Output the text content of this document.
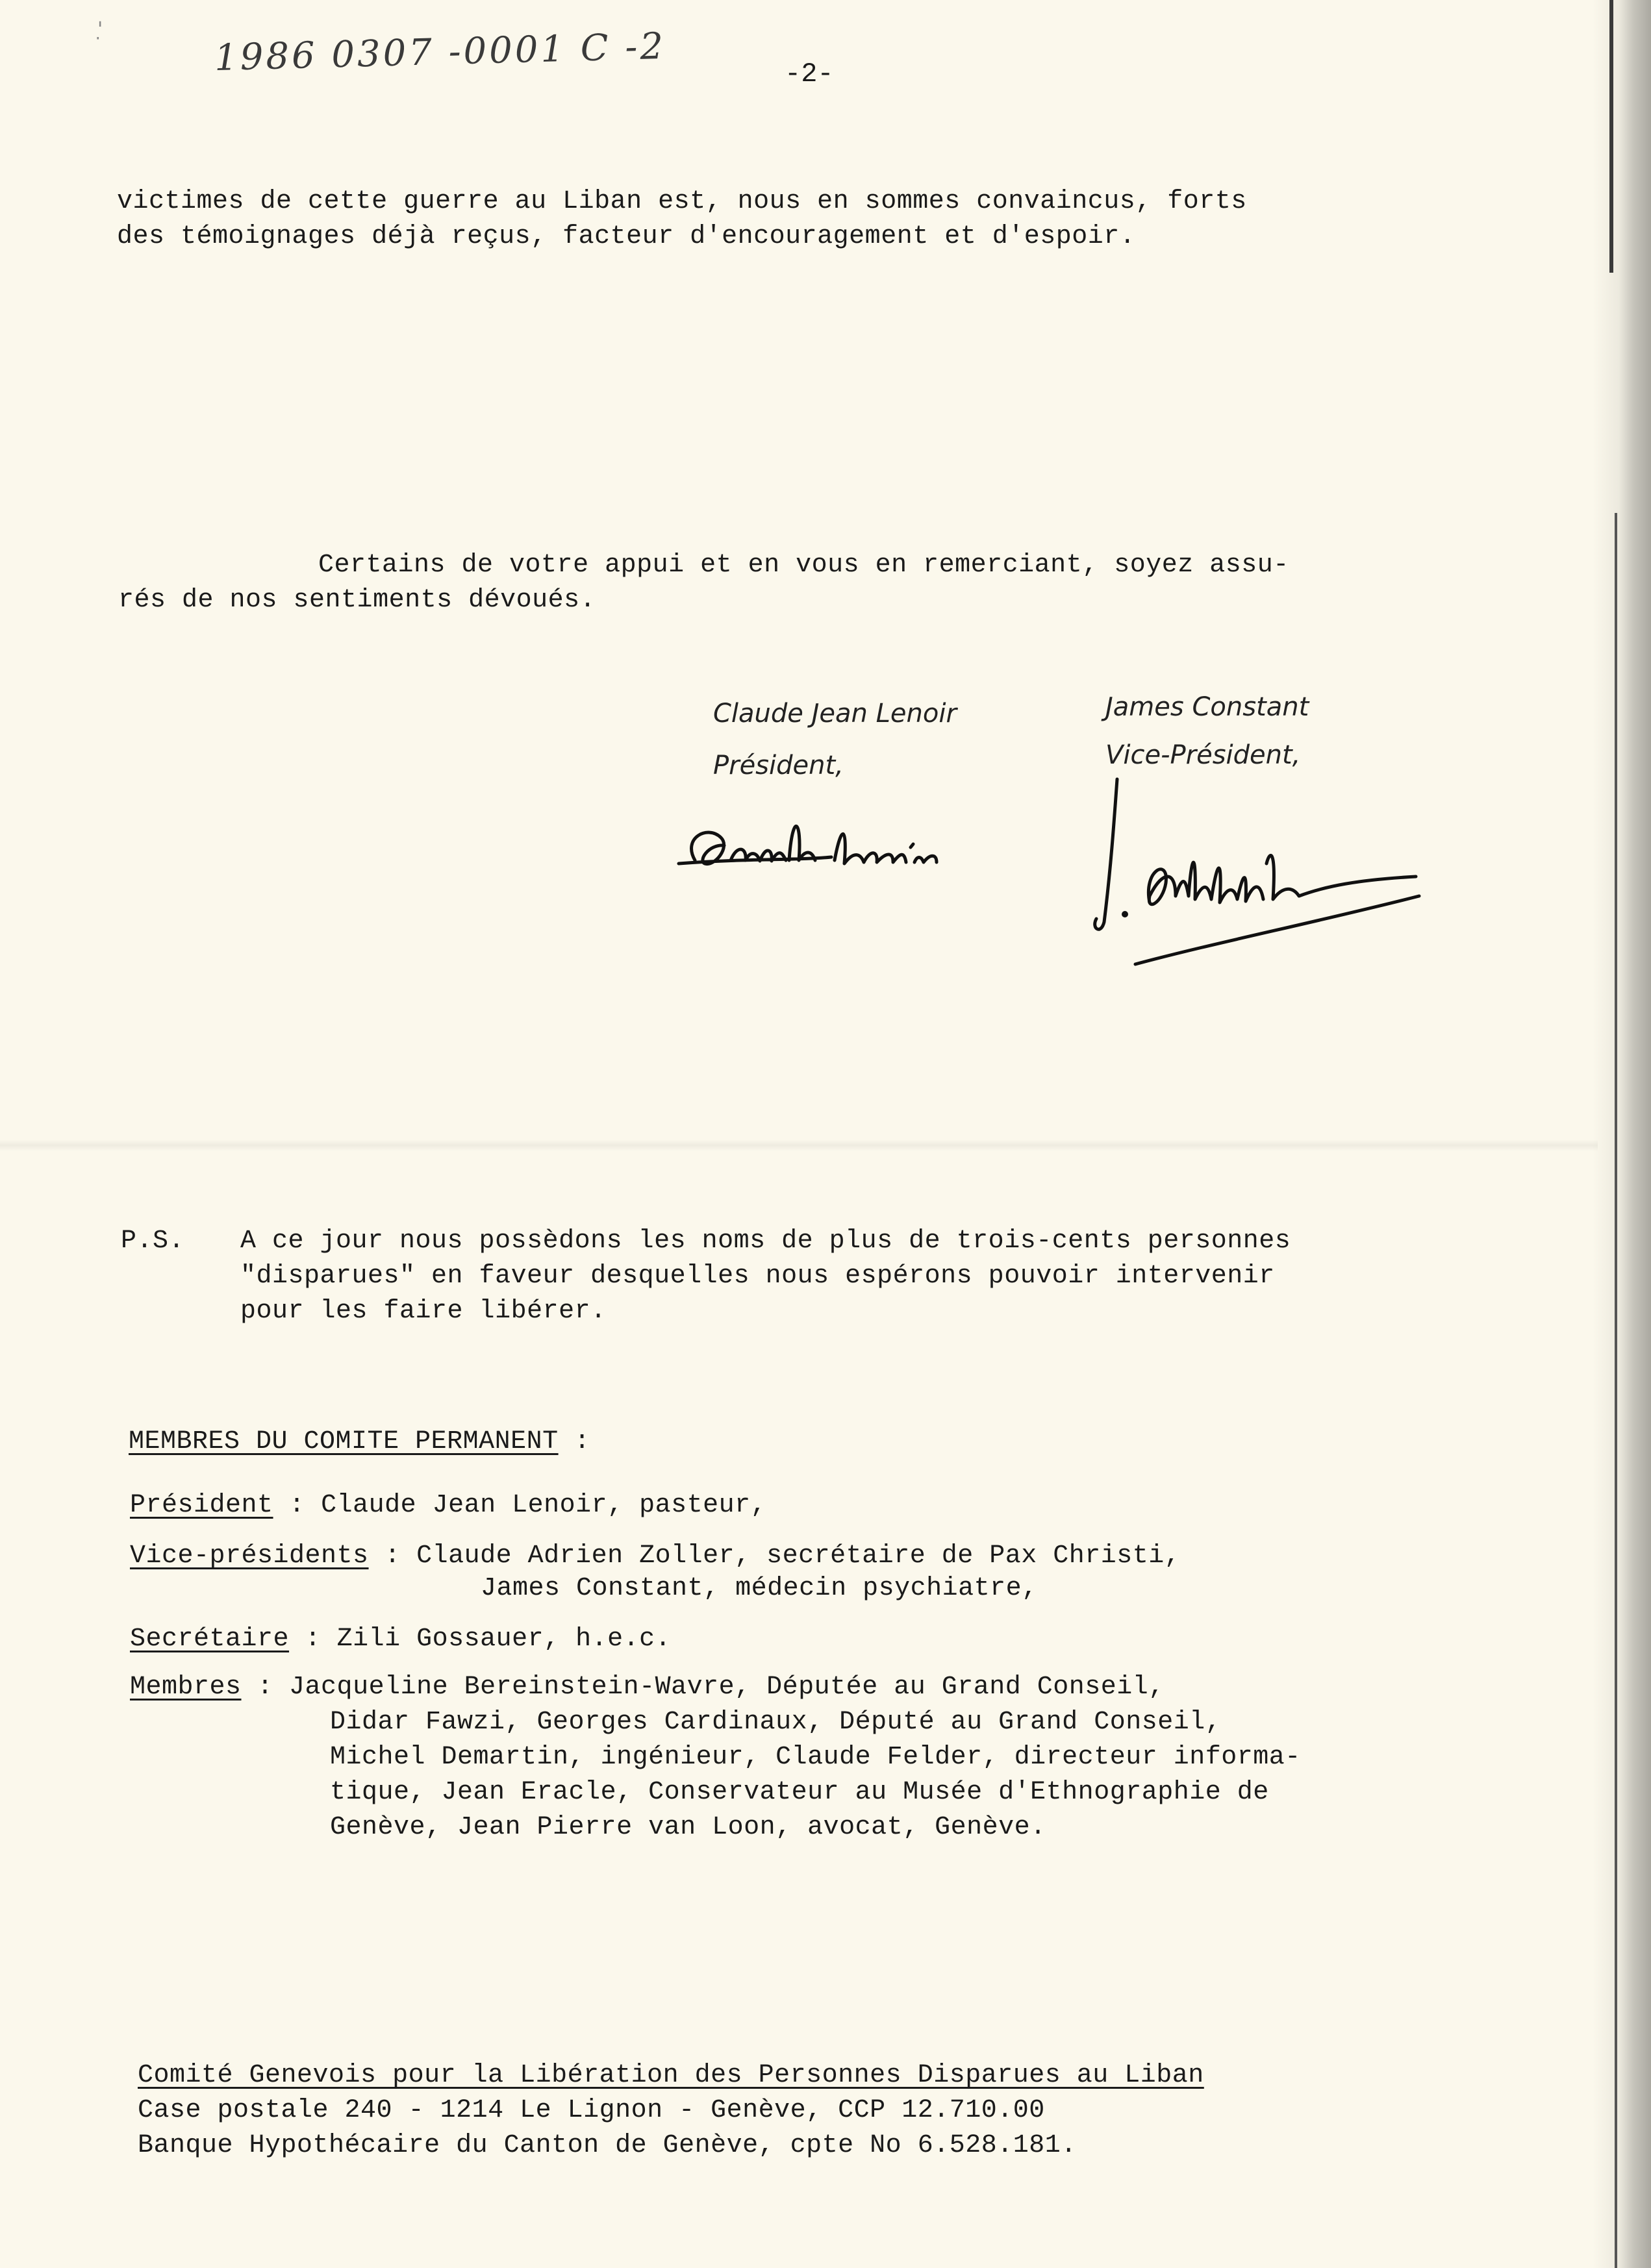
'̣	1986 0307 -0001 C -2	-2-
victimes de cette guerre au Liban est, nous en sommes convaincus, forts
des témoignages déjà reçus, facteur d'encouragement et d'espoir.
Certains de votre appui et en vous en remerciant, soyez assu-
rés de nos sentiments dévoués.
Claude Jean Lenoir
Président,
James Constant
Vice-Président,
P.S. A ce jour nous possèdons les noms de plus de trois-cents personnes
"disparues" en faveur desquelles nous espérons pouvoir intervenir
pour les faire libérer.
MEMBRES DU COMITE PERMANENT :
Président : Claude Jean Lenoir, pasteur,
Vice-présidents : Claude Adrien Zoller, secrétaire de Pax Christi,
James Constant, médecin psychiatre,
Secrétaire : Zili Gossauer, h.e.c.
Membres : Jacqueline Bereinstein-Wavre, Députée au Grand Conseil,
Didar Fawzi, Georges Cardinaux, Député au Grand Conseil,
Michel Demartin, ingénieur, Claude Felder, directeur informa-
tique, Jean Eracle, Conservateur au Musée d'Ethnographie de
Genève, Jean Pierre van Loon, avocat, Genève.
Comité Genevois pour la Libération des Personnes Disparues au Liban
Case postale 240 - 1214 Le Lignon - Genève, CCP 12.710.00
Banque Hypothécaire du Canton de Genève, cpte No 6.528.181.
